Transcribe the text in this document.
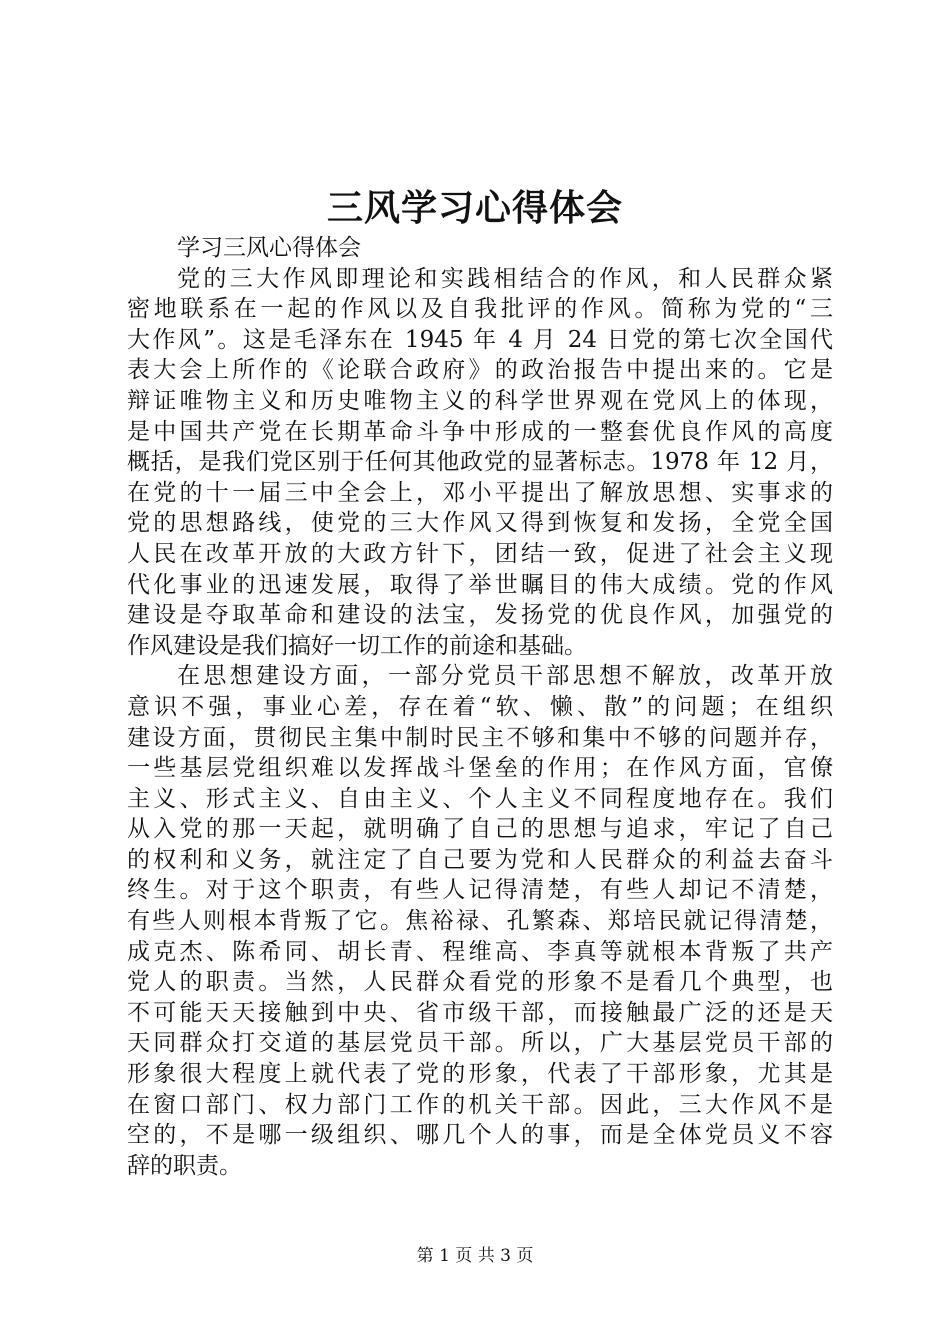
三风学习心得体会
学习三风心得体会
党的三大作风即理论和实践相结合的作风，和人民群众紧
密地联系在一起的作风以及自我批评的作风。简称为党的“三
大作风”。这是毛泽东在 1945 年 4 月 24 日党的第七次全国代
表大会上所作的《论联合政府》的政治报告中提出来的。它是
辩证唯物主义和历史唯物主义的科学世界观在党风上的体现，
是中国共产党在长期革命斗争中形成的一整套优良作风的高度
概括，是我们党区别于任何其他政党的显著标志。1978 年 12 月，
在党的十一届三中全会上，邓小平提出了解放思想、实事求的
党的思想路线，使党的三大作风又得到恢复和发扬，全党全国
人民在改革开放的大政方针下，团结一致，促进了社会主义现
代化事业的迅速发展，取得了举世瞩目的伟大成绩。党的作风
建设是夺取革命和建设的法宝，发扬党的优良作风，加强党的
作风建设是我们搞好一切工作的前途和基础。
在思想建设方面，一部分党员干部思想不解放，改革开放
意识不强，事业心差，存在着“软、懒、散”的问题；在组织
建设方面，贯彻民主集中制时民主不够和集中不够的问题并存，
一些基层党组织难以发挥战斗堡垒的作用；在作风方面，官僚
主义、形式主义、自由主义、个人主义不同程度地存在。我们
从入党的那一天起，就明确了自己的思想与追求，牢记了自己
的权利和义务，就注定了自己要为党和人民群众的利益去奋斗
终生。对于这个职责，有些人记得清楚，有些人却记不清楚，
有些人则根本背叛了它。焦裕禄、孔繁森、郑培民就记得清楚，
成克杰、陈希同、胡长青、程维高、李真等就根本背叛了共产
党人的职责。当然，人民群众看党的形象不是看几个典型，也
不可能天天接触到中央、省市级干部，而接触最广泛的还是天
天同群众打交道的基层党员干部。所以，广大基层党员干部的
形象很大程度上就代表了党的形象，代表了干部形象，尤其是
在窗口部门、权力部门工作的机关干部。因此，三大作风不是
空的，不是哪一级组织、哪几个人的事，而是全体党员义不容
辞的职责。
第 1 页 共 3 页
